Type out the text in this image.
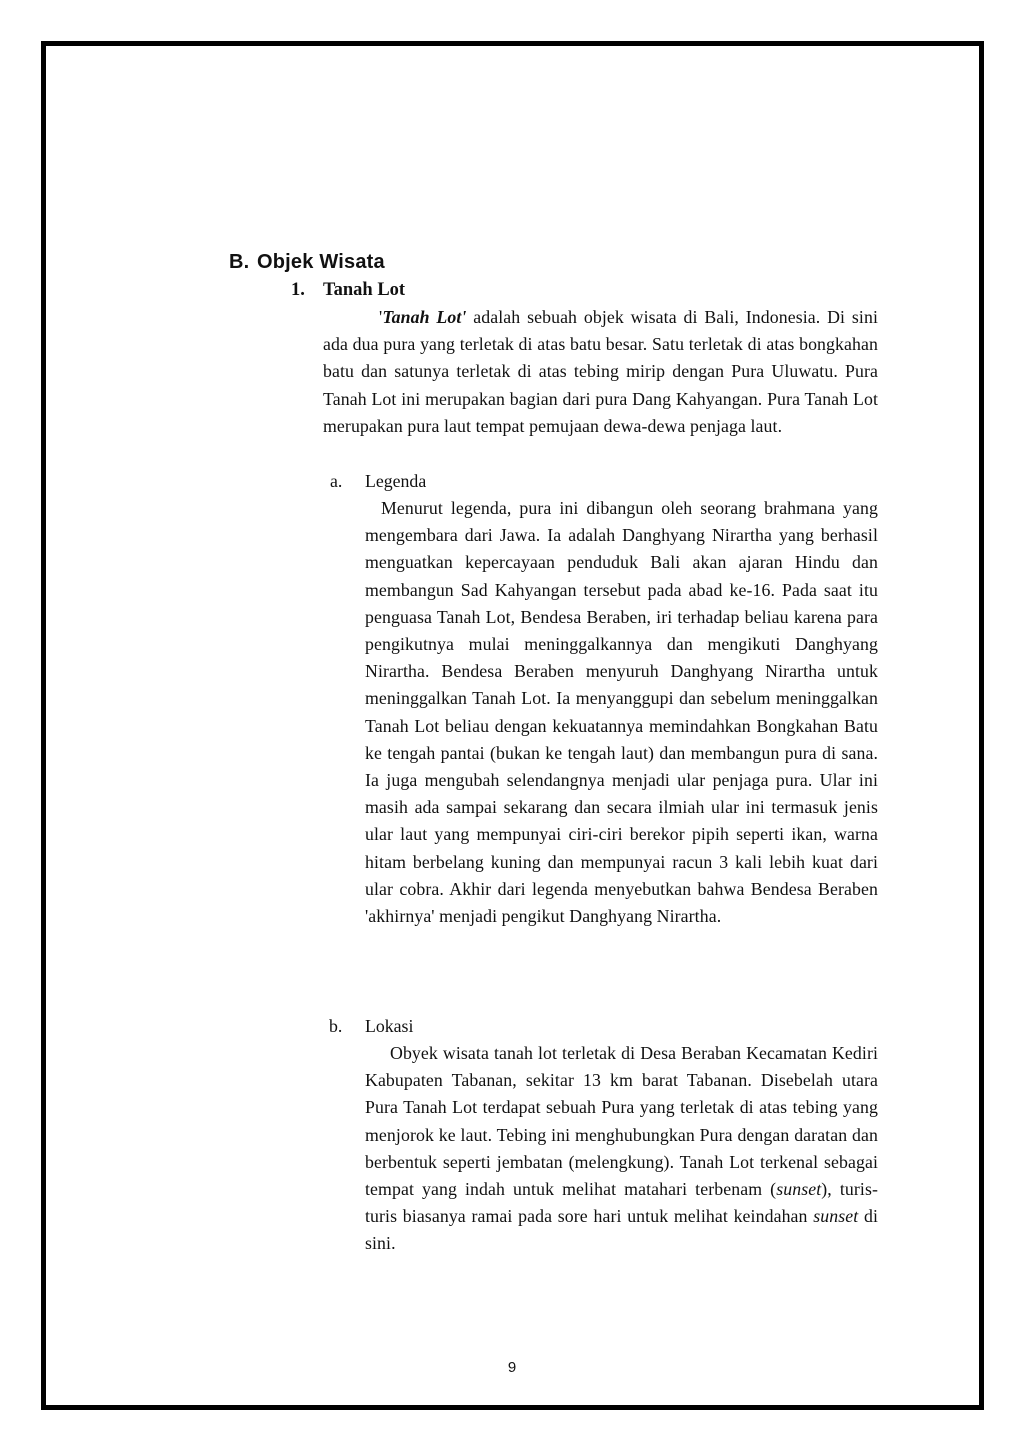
B. Objek Wisata
1. Tanah Lot

'Tanah Lot' adalah sebuah objek wisata di Bali, Indonesia. Di sini ada dua pura yang terletak di atas batu besar. Satu terletak di atas bongkahan batu dan satunya terletak di atas tebing mirip dengan Pura Uluwatu. Pura Tanah Lot ini merupakan bagian dari pura Dang Kahyangan. Pura Tanah Lot merupakan pura laut tempat pemujaan dewa-dewa penjaga laut.

a. Legenda

Menurut legenda, pura ini dibangun oleh seorang brahmana yang mengembara dari Jawa. Ia adalah Danghyang Nirartha yang berhasil menguatkan kepercayaan penduduk Bali akan ajaran Hindu dan membangun Sad Kahyangan tersebut pada abad ke-16. Pada saat itu penguasa Tanah Lot, Bendesa Beraben, iri terhadap beliau karena para pengikutnya mulai meninggalkannya dan mengikuti Danghyang Nirartha. Bendesa Beraben menyuruh Danghyang Nirartha untuk meninggalkan Tanah Lot. Ia menyanggupi dan sebelum meninggalkan Tanah Lot beliau dengan kekuatannya memindahkan Bongkahan Batu ke tengah pantai (bukan ke tengah laut) dan membangun pura di sana. Ia juga mengubah selendangnya menjadi ular penjaga pura. Ular ini masih ada sampai sekarang dan secara ilmiah ular ini termasuk jenis ular laut yang mempunyai ciri-ciri berekor pipih seperti ikan, warna hitam berbelang kuning dan mempunyai racun 3 kali lebih kuat dari ular cobra. Akhir dari legenda menyebutkan bahwa Bendesa Beraben 'akhirnya' menjadi pengikut Danghyang Nirartha.

b. Lokasi

Obyek wisata tanah lot terletak di Desa Beraban Kecamatan Kediri Kabupaten Tabanan, sekitar 13 km barat Tabanan. Disebelah utara Pura Tanah Lot terdapat sebuah Pura yang terletak di atas tebing yang menjorok ke laut. Tebing ini menghubungkan Pura dengan daratan dan berbentuk seperti jembatan (melengkung). Tanah Lot terkenal sebagai tempat yang indah untuk melihat matahari terbenam (sunset), turis-turis biasanya ramai pada sore hari untuk melihat keindahan sunset di sini.

9
